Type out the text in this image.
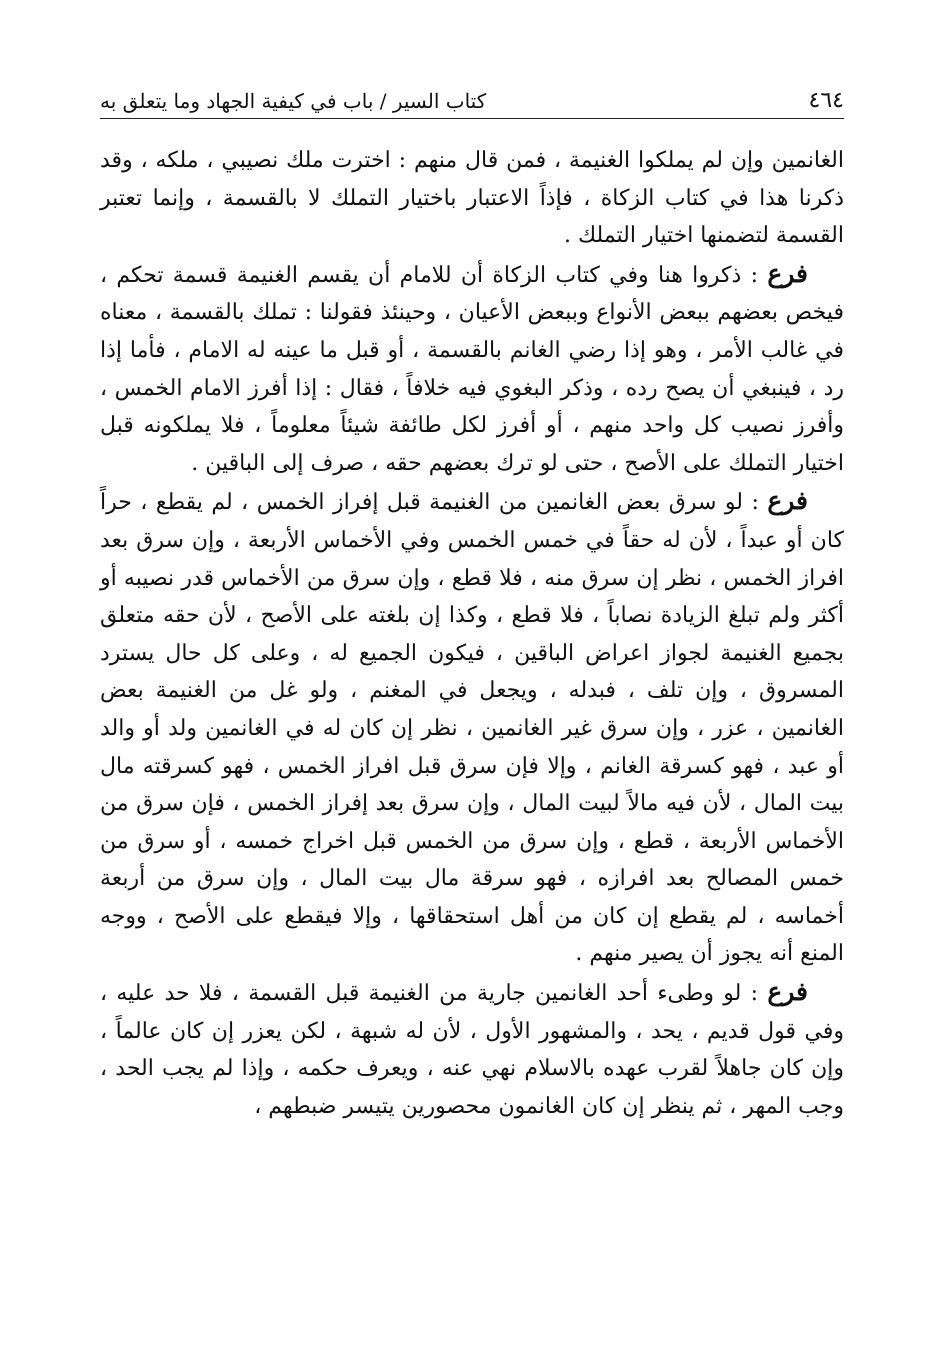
٤٦٤
كتاب السير / باب في كيفية الجهاد وما يتعلق به

الغانمين وإن لم يملكوا الغنيمة ، فمن قال منهم : اخترت ملك نصيبي ، ملكه ، وقد ذكرنا هذا في كتاب الزكاة ، فإذاً الاعتبار باختيار التملك لا بالقسمة ، وإنما تعتبر القسمة لتضمنها اختيار التملك .

فرع : ذكروا هنا وفي كتاب الزكاة أن للامام أن يقسم الغنيمة قسمة تحكم ، فيخص بعضهم ببعض الأنواع وببعض الأعيان ، وحينئذ فقولنا : تملك بالقسمة ، معناه في غالب الأمر ، وهو إذا رضي الغانم بالقسمة ، أو قبل ما عينه له الامام ، فأما إذا رد ، فينبغي أن يصح رده ، وذكر البغوي فيه خلافاً ، فقال : إذا أفرز الامام الخمس ، وأفرز نصيب كل واحد منهم ، أو أفرز لكل طائفة شيئاً معلوماً ، فلا يملكونه قبل اختيار التملك على الأصح ، حتى لو ترك بعضهم حقه ، صرف إلى الباقين .

فرع : لو سرق بعض الغانمين من الغنيمة قبل إفراز الخمس ، لم يقطع ، حراً كان أو عبداً ، لأن له حقاً في خمس الخمس وفي الأخماس الأربعة ، وإن سرق بعد افراز الخمس ، نظر إن سرق منه ، فلا قطع ، وإن سرق من الأخماس قدر نصيبه أو أكثر ولم تبلغ الزيادة نصاباً ، فلا قطع ، وكذا إن بلغته على الأصح ، لأن حقه متعلق بجميع الغنيمة لجواز اعراض الباقين ، فيكون الجميع له ، وعلى كل حال يسترد المسروق ، وإن تلف ، فبدله ، ويجعل في المغنم ، ولو غل من الغنيمة بعض الغانمين ، عزر ، وإن سرق غير الغانمين ، نظر إن كان له في الغانمين ولد أو والد أو عبد ، فهو كسرقة الغانم ، وإلا فإن سرق قبل افراز الخمس ، فهو كسرقته مال بيت المال ، لأن فيه مالاً لبيت المال ، وإن سرق بعد إفراز الخمس ، فإن سرق من الأخماس الأربعة ، قطع ، وإن سرق من الخمس قبل اخراج خمسه ، أو سرق من خمس المصالح بعد افرازه ، فهو سرقة مال بيت المال ، وإن سرق من أربعة أخماسه ، لم يقطع إن كان من أهل استحقاقها ، وإلا فيقطع على الأصح ، ووجه المنع أنه يجوز أن يصير منهم .

فرع : لو وطىء أحد الغانمين جارية من الغنيمة قبل القسمة ، فلا حد عليه ، وفي قول قديم ، يحد ، والمشهور الأول ، لأن له شبهة ، لكن يعزر إن كان عالماً ، وإن كان جاهلاً لقرب عهده بالاسلام نهي عنه ، ويعرف حكمه ، وإذا لم يجب الحد ، وجب المهر ، ثم ينظر إن كان الغانمون محصورين يتيسر ضبطهم ،
